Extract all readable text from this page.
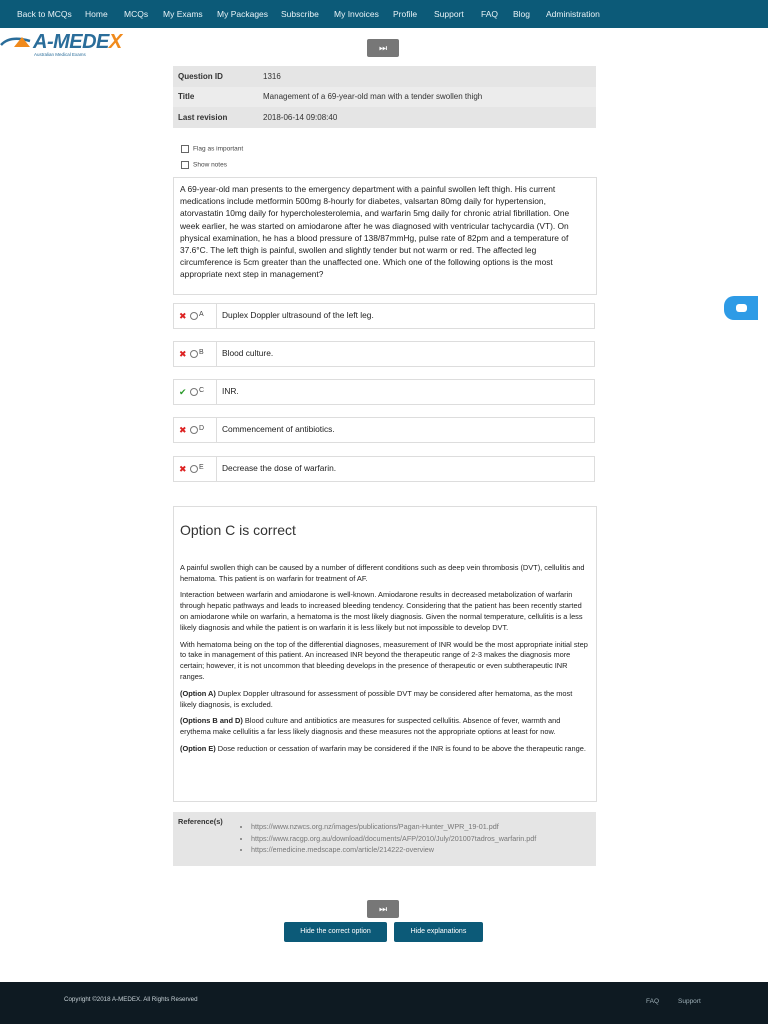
Back to MCQs Home MCQs My Exams My Packages Subscribe My Invoices Profile Support FAQ Blog Administration
A-MEDEX
Australian Medical Exams
⏭
Question ID	1316
Title	Management of a 69-year-old man with a tender swollen thigh
Last revision	2018-06-14 09:08:40
Flag as important
Show notes
A 69-year-old man presents to the emergency department with a painful swollen left thigh. His current medications include metformin 500mg 8-hourly for diabetes, valsartan 80mg daily for hypertension, atorvastatin 10mg daily for hypercholesterolemia, and warfarin 5mg daily for chronic atrial fibrillation. One week earlier, he was started on amiodarone after he was diagnosed with ventricular tachycardia (VT). On physical examination, he has a blood pressure of 138/87mmHg, pulse rate of 82pm and a temperature of 37.6°C. The left thigh is painful, swollen and slightly tender but not warm or red. The affected leg circumference is 5cm greater than the unaffected one. Which one of the following options is the most appropriate next step in management?
✖ A Duplex Doppler ultrasound of the left leg.
✖ B Blood culture.
✔ C INR.
✖ D Commencement of antibiotics.
✖ E Decrease the dose of warfarin.
Option C is correct

A painful swollen thigh can be caused by a number of different conditions such as deep vein thrombosis (DVT), cellulitis and hematoma. This patient is on warfarin for treatment of AF.

Interaction between warfarin and amiodarone is well-known. Amiodarone results in decreased metabolization of warfarin through hepatic pathways and leads to increased bleeding tendency. Considering that the patient has been recently started on amiodarone while on warfarin, a hematoma is the most likely diagnosis. Given the normal temperature, cellulitis is a less likely diagnosis and while the patient is on warfarin it is less likely but not impossible to develop DVT.

With hematoma being on the top of the differential diagnoses, measurement of INR would be the most appropriate initial step to take in management of this patient. An increased INR beyond the therapeutic range of 2-3 makes the diagnosis more certain; however, it is not uncommon that bleeding develops in the presence of therapeutic or even subtherapeutic INR ranges.

(Option A) Duplex Doppler ultrasound for assessment of possible DVT may be considered after hematoma, as the most likely diagnosis, is excluded.

(Options B and D) Blood culture and antibiotics are measures for suspected cellulitis. Absence of fever, warmth and erythema make cellulitis a far less likely diagnosis and these measures not the appropriate options at least for now.

(Option E) Dose reduction or cessation of warfarin may be considered if the INR is found to be above the therapeutic range.

Reference(s)
• https://www.nzwcs.org.nz/images/publications/Pagan-Hunter_WPR_19-01.pdf
• https://www.racgp.org.au/download/documents/AFP/2010/July/201007tadros_warfarin.pdf
• https://emedicine.medscape.com/article/214222-overview
⏭
Hide the correct option	Hide explanations
Copyright ©2018 A-MEDEX. All Rights Reserved	FAQ	Support
